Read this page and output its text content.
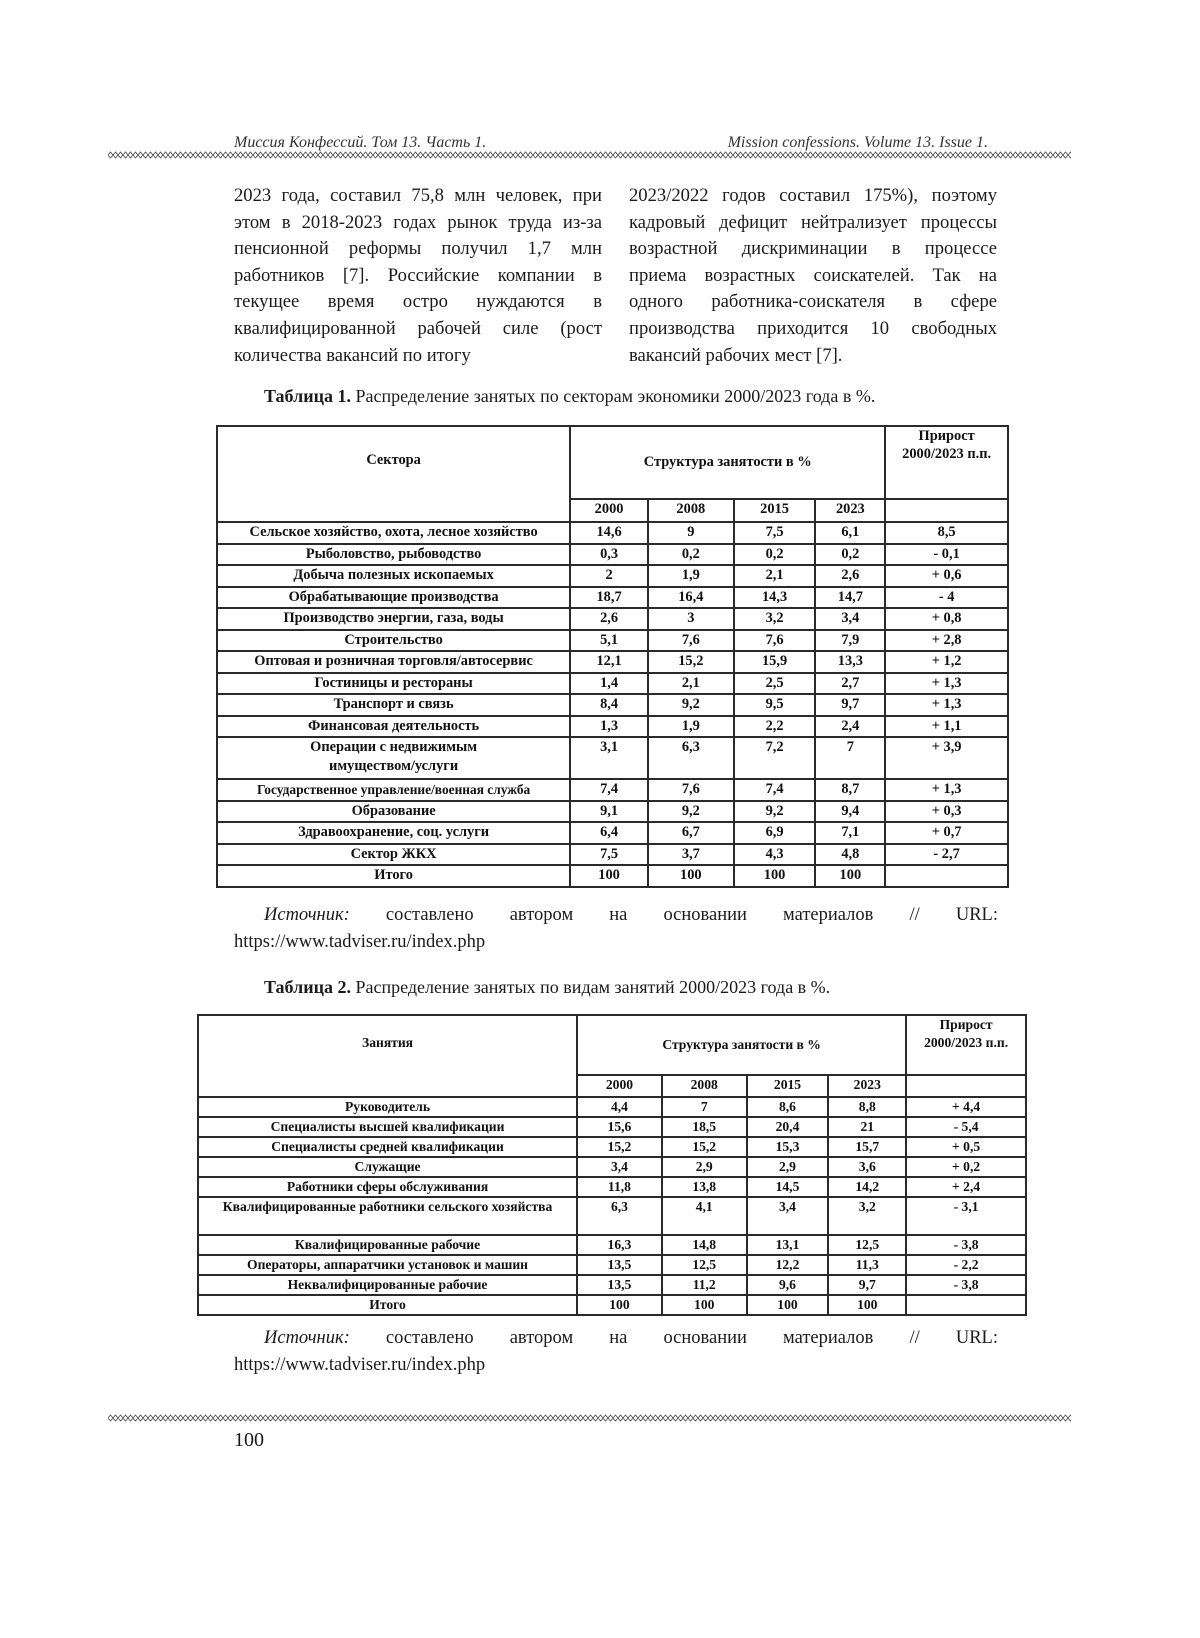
Миссия Конфессий. Том 13. Часть 1.	Mission confessions. Volume 13. Issue 1.
2023 года, составил 75,8 млн человек, при этом в 2018-2023 годах рынок труда из-за пенсионной реформы получил 1,7 млн работников [7]. Российские компании в текущее время остро нуждаются в квалифицированной рабочей силе (рост количества вакансий по итогу
2023/2022 годов составил 175%), поэтому кадровый дефицит нейтрализует процессы возрастной дискриминации в процессе приема возрастных соискателей. Так на одного работника-соискателя в сфере производства приходится 10 свободных вакансий рабочих мест [7].
Таблица 1. Распределение занятых по секторам экономики 2000/2023 года в %.
Сектора	Структура занятости в %	Прирост 2000/2023 п.п.
2000	2008	2015	2023	
Сельское хозяйство, охота, лесное хозяйство	14,6	9	7,5	6,1	8,5
Рыболовство, рыбоводство	0,3	0,2	0,2	0,2	- 0,1
Добыча полезных ископаемых	2	1,9	2,1	2,6	+ 0,6
Обрабатывающие производства	18,7	16,4	14,3	14,7	- 4
Производство энергии, газа, воды	2,6	3	3,2	3,4	+ 0,8
Строительство	5,1	7,6	7,6	7,9	+ 2,8
Оптовая и розничная торговля/автосервис	12,1	15,2	15,9	13,3	+ 1,2
Гостиницы и рестораны	1,4	2,1	2,5	2,7	+ 1,3
Транспорт и связь	8,4	9,2	9,5	9,7	+ 1,3
Финансовая деятельность	1,3	1,9	2,2	2,4	+ 1,1
Операции с недвижимым имуществом/услуги	3,1	6,3	7,2	7	+ 3,9
Государственное управление/военная служба	7,4	7,6	7,4	8,7	+ 1,3
Образование	9,1	9,2	9,2	9,4	+ 0,3
Здравоохранение, соц. услуги	6,4	6,7	6,9	7,1	+ 0,7
Сектор ЖКХ	7,5	3,7	4,3	4,8	- 2,7
Итого	100	100	100	100	
Источник: составлено автором на основании материалов // URL: https://www.tadviser.ru/index.php
Таблица 2. Распределение занятых по видам занятий 2000/2023 года в %.
Занятия	Структура занятости в %	Прирост 2000/2023 п.п.
2000	2008	2015	2023	
Руководитель	4,4	7	8,6	8,8	+ 4,4
Специалисты высшей квалификации	15,6	18,5	20,4	21	- 5,4
Специалисты средней квалификации	15,2	15,2	15,3	15,7	+ 0,5
Служащие	3,4	2,9	2,9	3,6	+ 0,2
Работники сферы обслуживания	11,8	13,8	14,5	14,2	+ 2,4
Квалифицированные работники сельского хозяйства	6,3	4,1	3,4	3,2	- 3,1
Квалифицированные рабочие	16,3	14,8	13,1	12,5	- 3,8
Операторы, аппаратчики установок и машин	13,5	12,5	12,2	11,3	- 2,2
Неквалифицированные рабочие	13,5	11,2	9,6	9,7	- 3,8
Итого	100	100	100	100	
Источник: составлено автором на основании материалов // URL: https://www.tadviser.ru/index.php
100
